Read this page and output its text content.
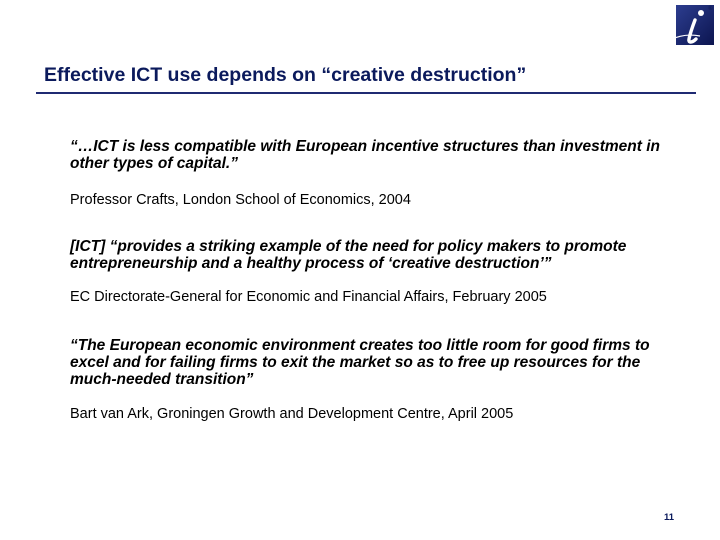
®
Effective ICT use depends on “creative destruction”
“…ICT is less compatible with European incentive structures than investment in other types of capital.”
Professor Crafts, London School of Economics, 2004
[ICT] “provides a striking example of the need for policy makers to promote entrepreneurship and a healthy process of ‘creative destruction’”
EC Directorate-General for Economic and Financial Affairs, February 2005
“The European economic environment creates too little room for good firms to excel and for failing firms to exit the market so as to free up resources for the much-needed transition”
Bart van Ark, Groningen Growth and Development Centre, April 2005
11
